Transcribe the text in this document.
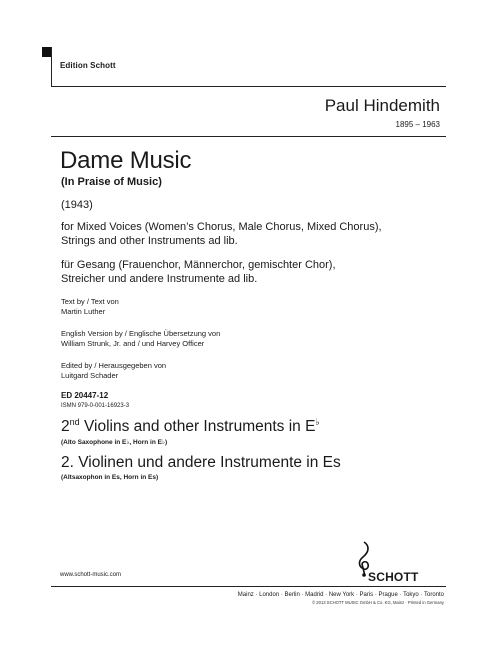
Edition Schott
Paul Hindemith
1895 – 1963
Dame Music
(In Praise of Music)
(1943)
for Mixed Voices (Women’s Chorus, Male Chorus, Mixed Chorus),
Strings and other Instruments ad lib.
für Gesang (Frauenchor, Männerchor, gemischter Chor),
Streicher und andere Instrumente ad lib.
Text by / Text von
Martin Luther
English Version by / Englische Übersetzung von
William Strunk, Jr. and / und Harvey Officer
Edited by / Herausgegeben von
Luitgard Schader
ED 20447-12
ISMN 979-0-001-16923-3
2nd Violins and other Instruments in E♭
(Alto Saxophone in E♭, Horn in E♭)
2. Violinen und andere Instrumente in Es
(Altsaxophon in Es, Horn in Es)
www.schott-music.com	SCHOTT
Mainz · London · Berlin · Madrid · New York · Paris · Prague · Tokyo · Toronto
© 2013 SCHOTT MUSIC GmbH & Co. KG, Mainz · Printed in Germany
